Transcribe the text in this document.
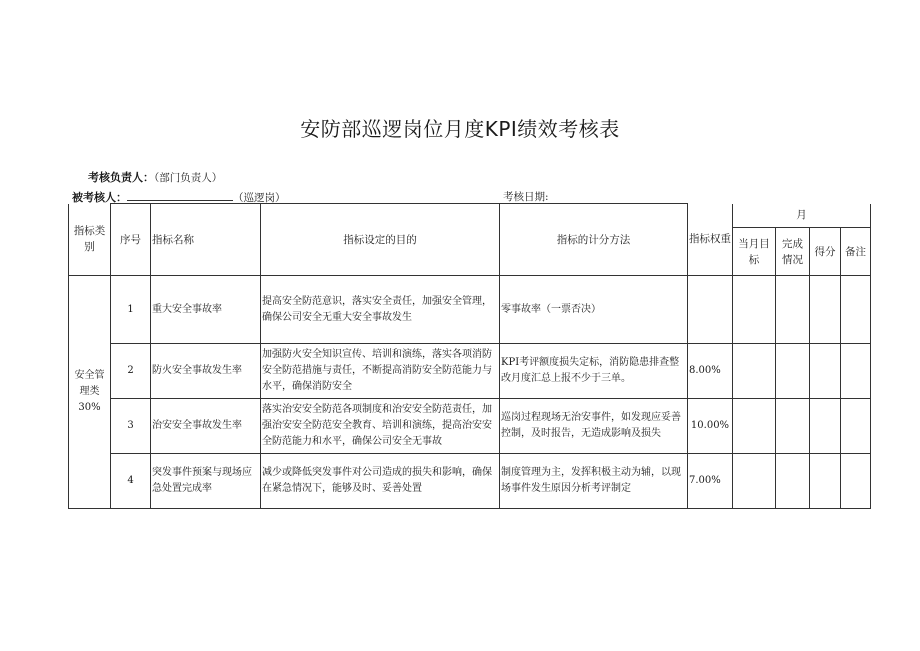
安防部巡逻岗位月度KPI绩效考核表
考核负责人：（部门负责人）
被考核人：	（巡逻岗）	考核日期:
指标类别	序号	指标名称	指标设定的目的	指标的计分方法	指标权重	月			
						当月目标	完成情况	得分	备注
安全管理类30%	1	重大安全事故率	提高安全防范意识，落实安全责任，加强安全管理，确保公司安全无重大安全事故发生	零事故率（一票否决）					
	2	防火安全事故发生率	加强防火安全知识宣传、培训和演练，落实各项消防安全防范措施与责任，不断提高消防安全防范能力与水平，确保消防安全	KPI考评额度损失定标，消防隐患排查整改月度汇总上报不少于三单。	8.00%				
	3	治安安全事故发生率	落实治安安全防范各项制度和治安安全防范责任，加强治安安全防范安全教育、培训和演练，提高治安安全防范能力和水平，确保公司安全无事故	巡岗过程现场无治安事件，如发现应妥善控制，及时报告，无造成影响及损失	10.00%				
	4	突发事件预案与现场应急处置完成率	减少或降低突发事件对公司造成的损失和影响，确保在紧急情况下，能够及时、妥善处置	制度管理为主，发挥积极主动为辅，以现场事件发生原因分析考评制定	7.00%				
